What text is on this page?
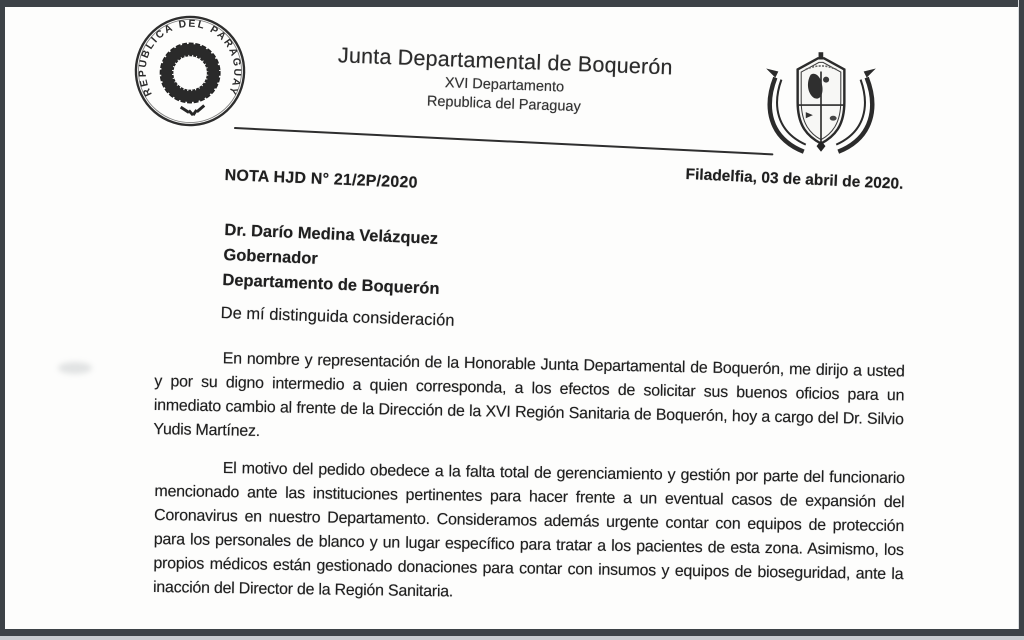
REPUBLICA DEL PARAGUAY
Junta Departamental de Boquerón
XVI Departamento
Republica del Paraguay
NOTA HJD N° 21/2P/2020	Filadelfia, 03 de abril de 2020.
Dr. Darío Medina Velázquez
Gobernador
Departamento de Boquerón
De mí distinguida consideración
En nombre y representación de la Honorable Junta Departamental de Boquerón, me dirijo a usted y por su digno intermedio a quien corresponda, a los efectos de solicitar sus buenos oficios para un inmediato cambio al frente de la Dirección de la XVI Región Sanitaria de Boquerón, hoy a cargo del Dr. Silvio Yudis Martínez.
El motivo del pedido obedece a la falta total de gerenciamiento y gestión por parte del funcionario mencionado ante las instituciones pertinentes para hacer frente a un eventual casos de expansión del Coronavirus en nuestro Departamento. Consideramos además urgente contar con equipos de protección para los personales de blanco y un lugar específico para tratar a los pacientes de esta zona. Asimismo, los propios médicos están gestionado donaciones para contar con insumos y equipos de bioseguridad, ante la inacción del Director de la Región Sanitaria.
